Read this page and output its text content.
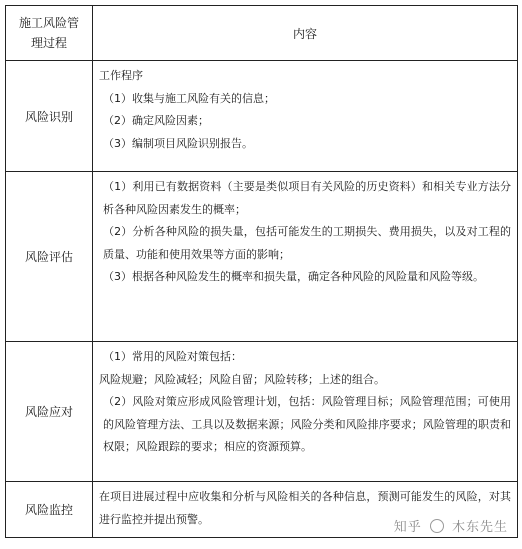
施工风险管
理过程	内容
风险识别	工作程序

（1）收集与施工风险有关的信息；

（2）确定风险因素；

（3）编制项目风险识别报告。

风险评估	（1）利用已有数据资料（主要是类似项目有关风险的历史资料）和相关专业方法分析各种风险因素发生的概率；

（2）分析各种风险的损失量，包括可能发生的工期损失、费用损失，以及对工程的质量、功能和使用效果等方面的影响；

（3）根据各种风险发生的概率和损失量，确定各种风险的风险量和风险等级。

风险应对	（1）常用的风险对策包括：

风险规避；风险减轻；风险自留；风险转移；上述的组合。

（2）风险对策应形成风险管理计划，包括：风险管理目标；风险管理范围；可使用的风险管理方法、工具以及数据来源；风险分类和风险排序要求；风险管理的职责和权限；风险跟踪的要求；相应的资源预算。

风险监控	在项目进展过程中应收集和分析与风险相关的各种信息，预测可能发生的风险，对其进行监控并提出预警。

知乎 木东先生
